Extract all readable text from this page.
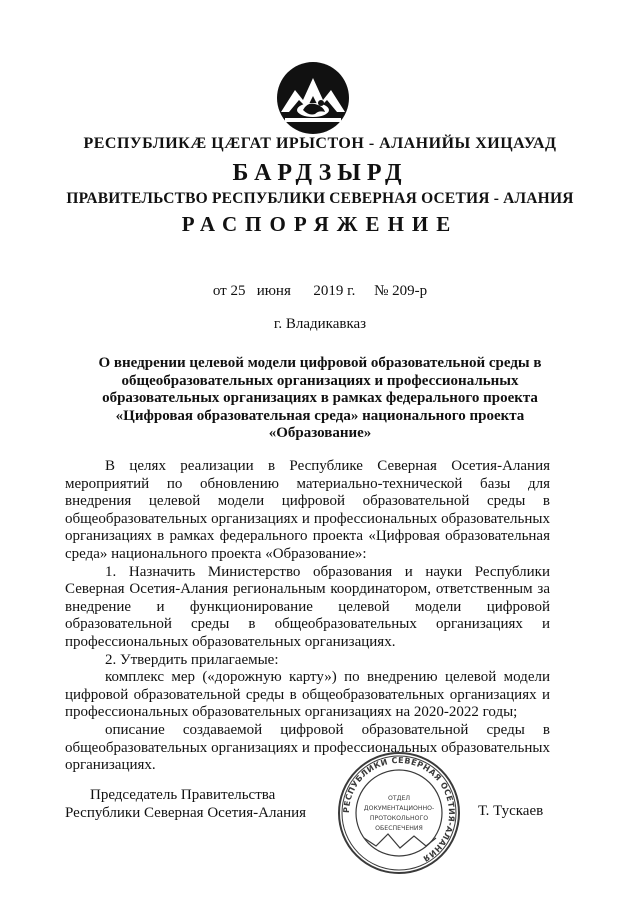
РЕСПУБЛИКӔ ЦӔГАТ ИРЫСТОН - АЛАНИЙЫ ХИЦАУАД
БАРДЗЫРД
ПРАВИТЕЛЬСТВО РЕСПУБЛИКИ СЕВЕРНАЯ ОСЕТИЯ - АЛАНИЯ
РАСПОРЯЖЕНИЕ
от 25 июня 2019 г. № 209-р
г. Владикавказ
О внедрении целевой модели цифровой образовательной среды в общеобразовательных организациях и профессиональных образовательных организациях в рамках федерального проекта «Цифровая образовательная среда» национального проекта «Образование»

В целях реализации в Республике Северная Осетия-Алания мероприятий по обновлению материально-технической базы для внедрения целевой модели цифровой образовательной среды в общеобразовательных организациях и профессиональных образовательных организациях в рамках федерального проекта «Цифровая образовательная среда» национального проекта «Образование»:

1. Назначить Министерство образования и науки Республики Северная Осетия-Алания региональным координатором, ответственным за внедрение и функционирование целевой модели цифровой образовательной среды в общеобразовательных организациях и профессиональных образовательных организациях.

2. Утвердить прилагаемые:

комплекс мер («дорожную карту») по внедрению целевой модели цифровой образовательной среды в общеобразовательных организациях и профессиональных образовательных организациях на 2020-2022 годы;

описание создаваемой цифровой образовательной среды в общеобразовательных организациях и профессиональных образовательных организациях.

Председатель Правительства
Республики Северная Осетия-Алания	Т. Тускаев
РЕСПУБЛИКИ СЕВЕРНАЯ ОСЕТИЯ-АЛАНИЯ
ОТДЕЛ
ДОКУМЕНТАЦИОННО-
ПРОТОКОЛЬНОГО
ОБЕСПЕЧЕНИЯ
